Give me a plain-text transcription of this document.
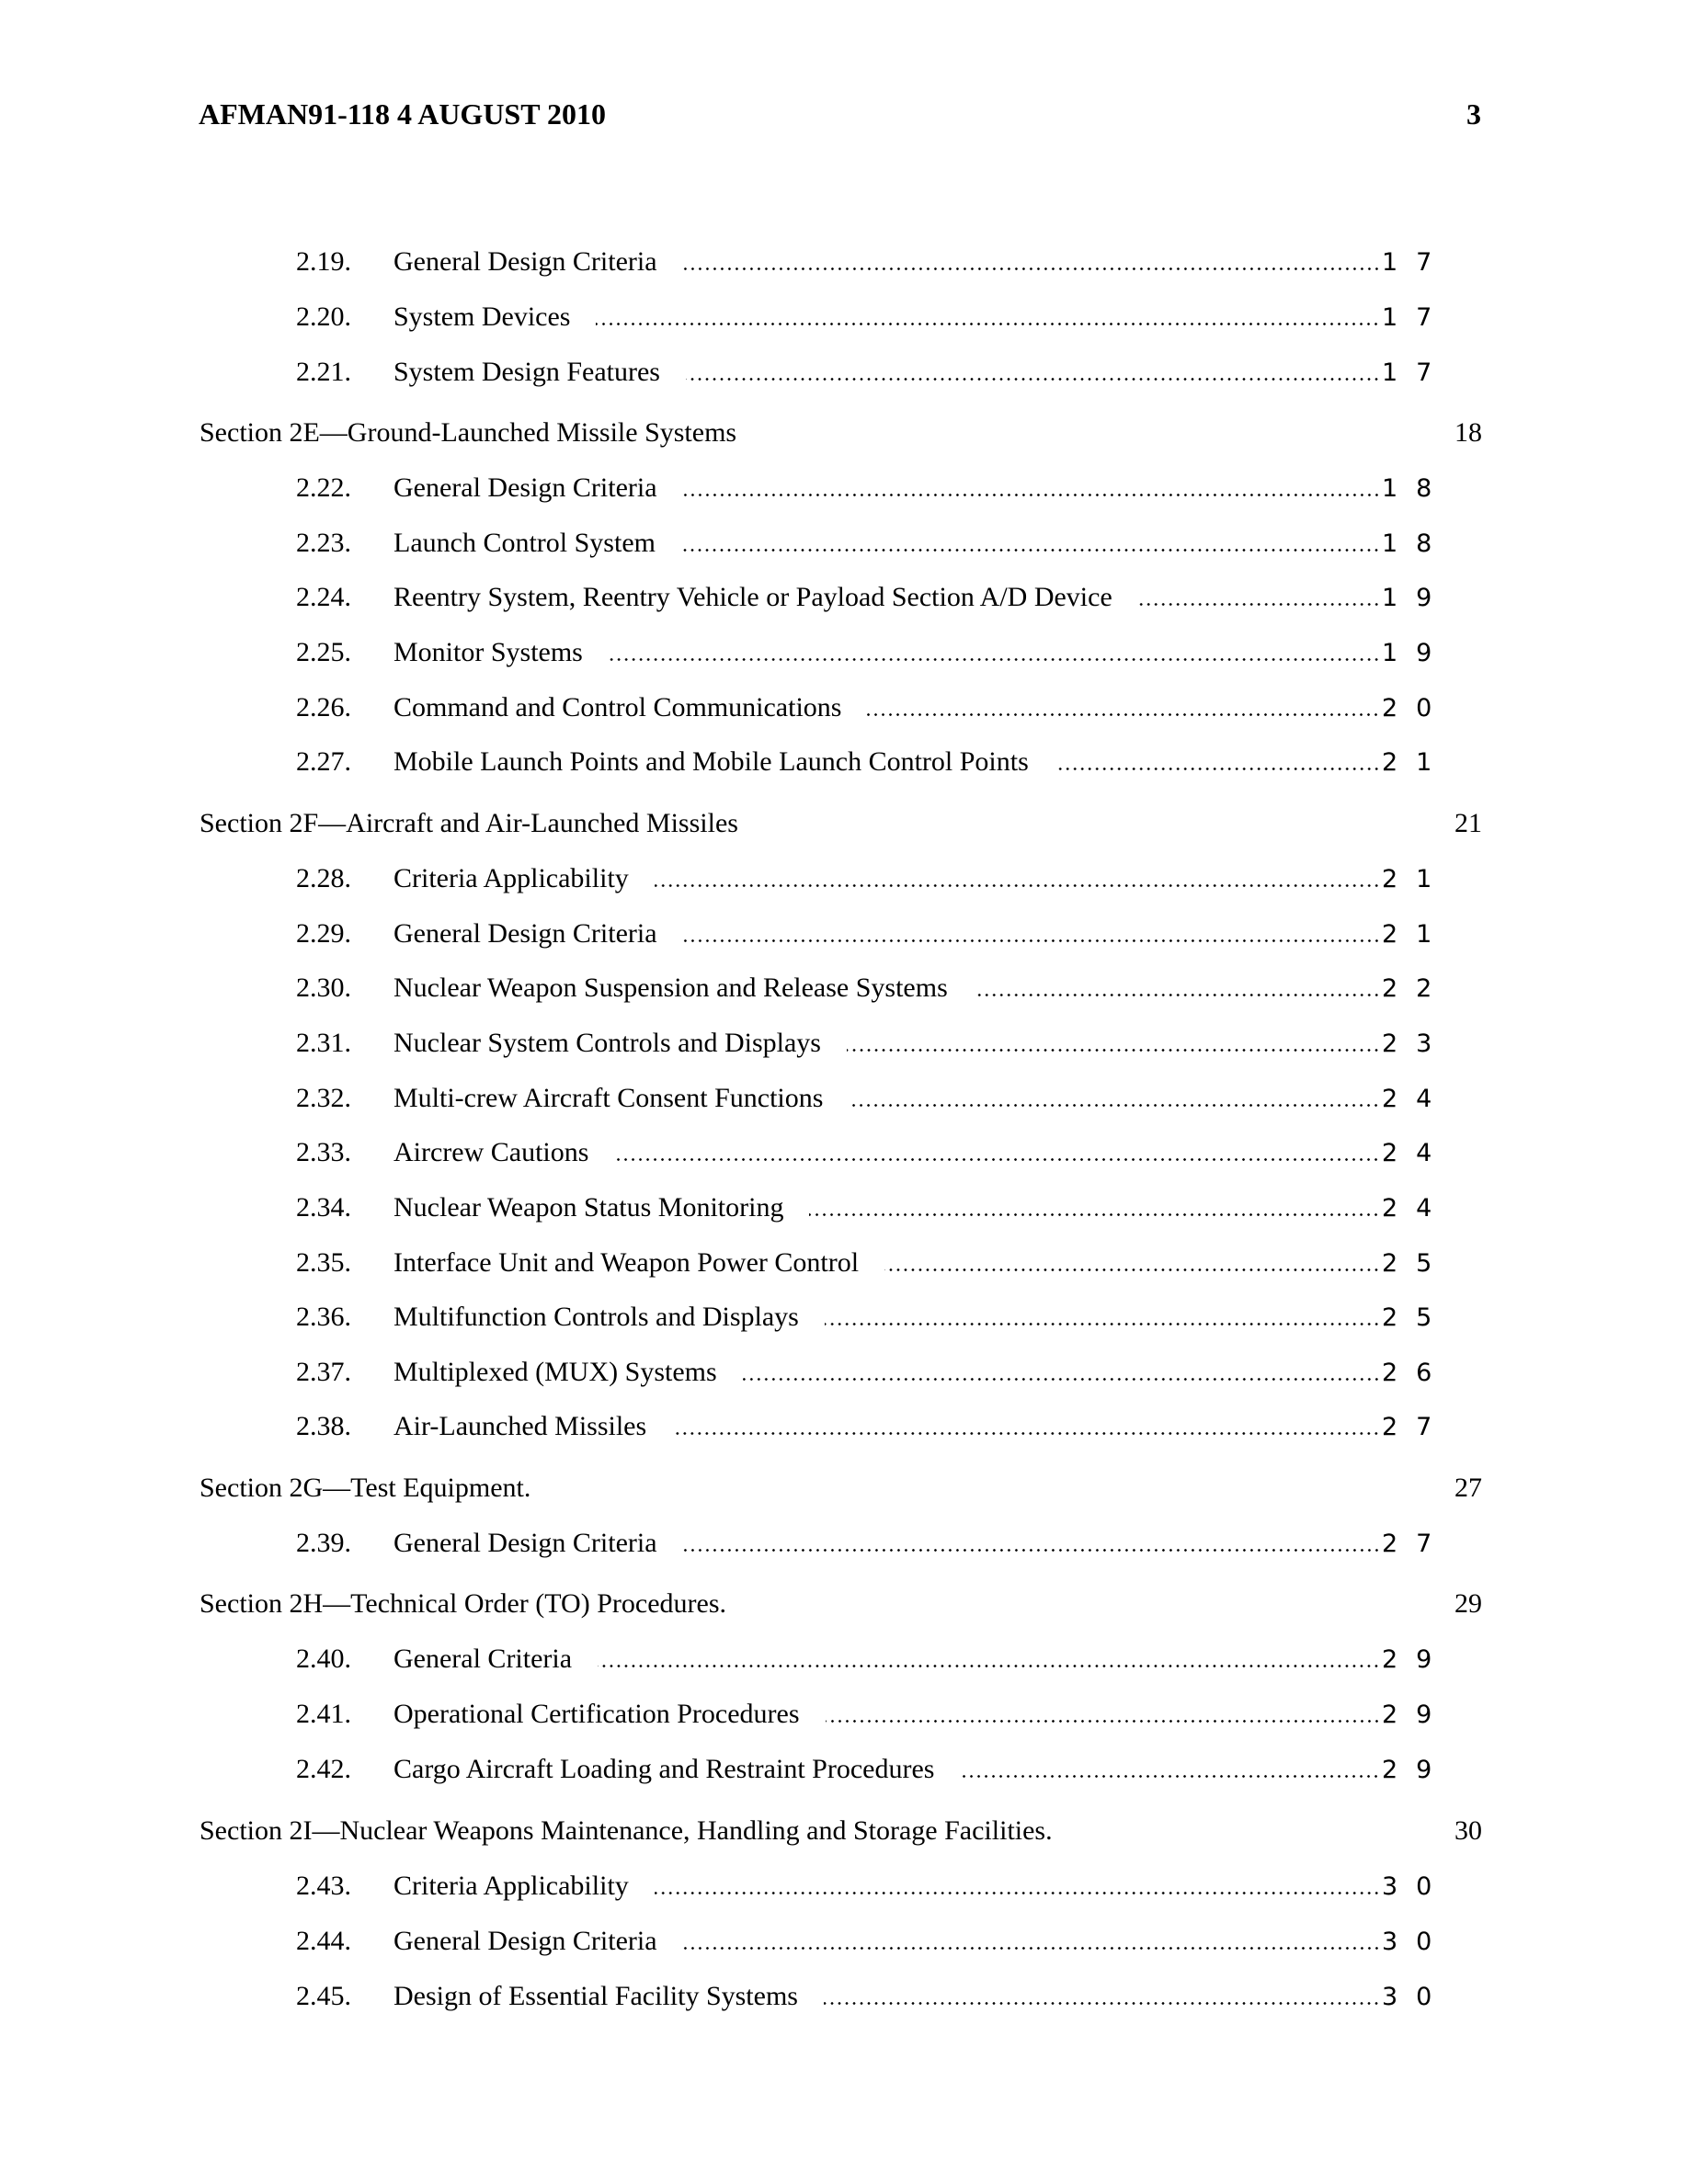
AFMAN91-118 4 AUGUST 2010	3
2.19.	General Design Criteria	17
2.20.	System Devices	17
2.21.	System Design Features	17
Section 2E—Ground-Launched Missile Systems	18
2.22.	General Design Criteria	18
2.23.	Launch Control System	18
2.24.	Reentry System, Reentry Vehicle or Payload Section A/D Device	19
2.25.	Monitor Systems	19
2.26.	Command and Control Communications	20
2.27.	Mobile Launch Points and Mobile Launch Control Points	21
Section 2F—Aircraft and Air-Launched Missiles	21
2.28.	Criteria Applicability	21
2.29.	General Design Criteria	21
2.30.	Nuclear Weapon Suspension and Release Systems	22
2.31.	Nuclear System Controls and Displays	23
2.32.	Multi-crew Aircraft Consent Functions	24
2.33.	Aircrew Cautions	24
2.34.	Nuclear Weapon Status Monitoring	24
2.35.	Interface Unit and Weapon Power Control	25
2.36.	Multifunction Controls and Displays	25
2.37.	Multiplexed (MUX) Systems	26
2.38.	Air-Launched Missiles	27
Section 2G—Test Equipment.	27
2.39.	General Design Criteria	27
Section 2H—Technical Order (TO) Procedures.	29
2.40.	General Criteria	29
2.41.	Operational Certification Procedures	29
2.42.	Cargo Aircraft Loading and Restraint Procedures	29
Section 2I—Nuclear Weapons Maintenance, Handling and Storage Facilities.	30
2.43.	Criteria Applicability	30
2.44.	General Design Criteria	30
2.45.	Design of Essential Facility Systems	30
